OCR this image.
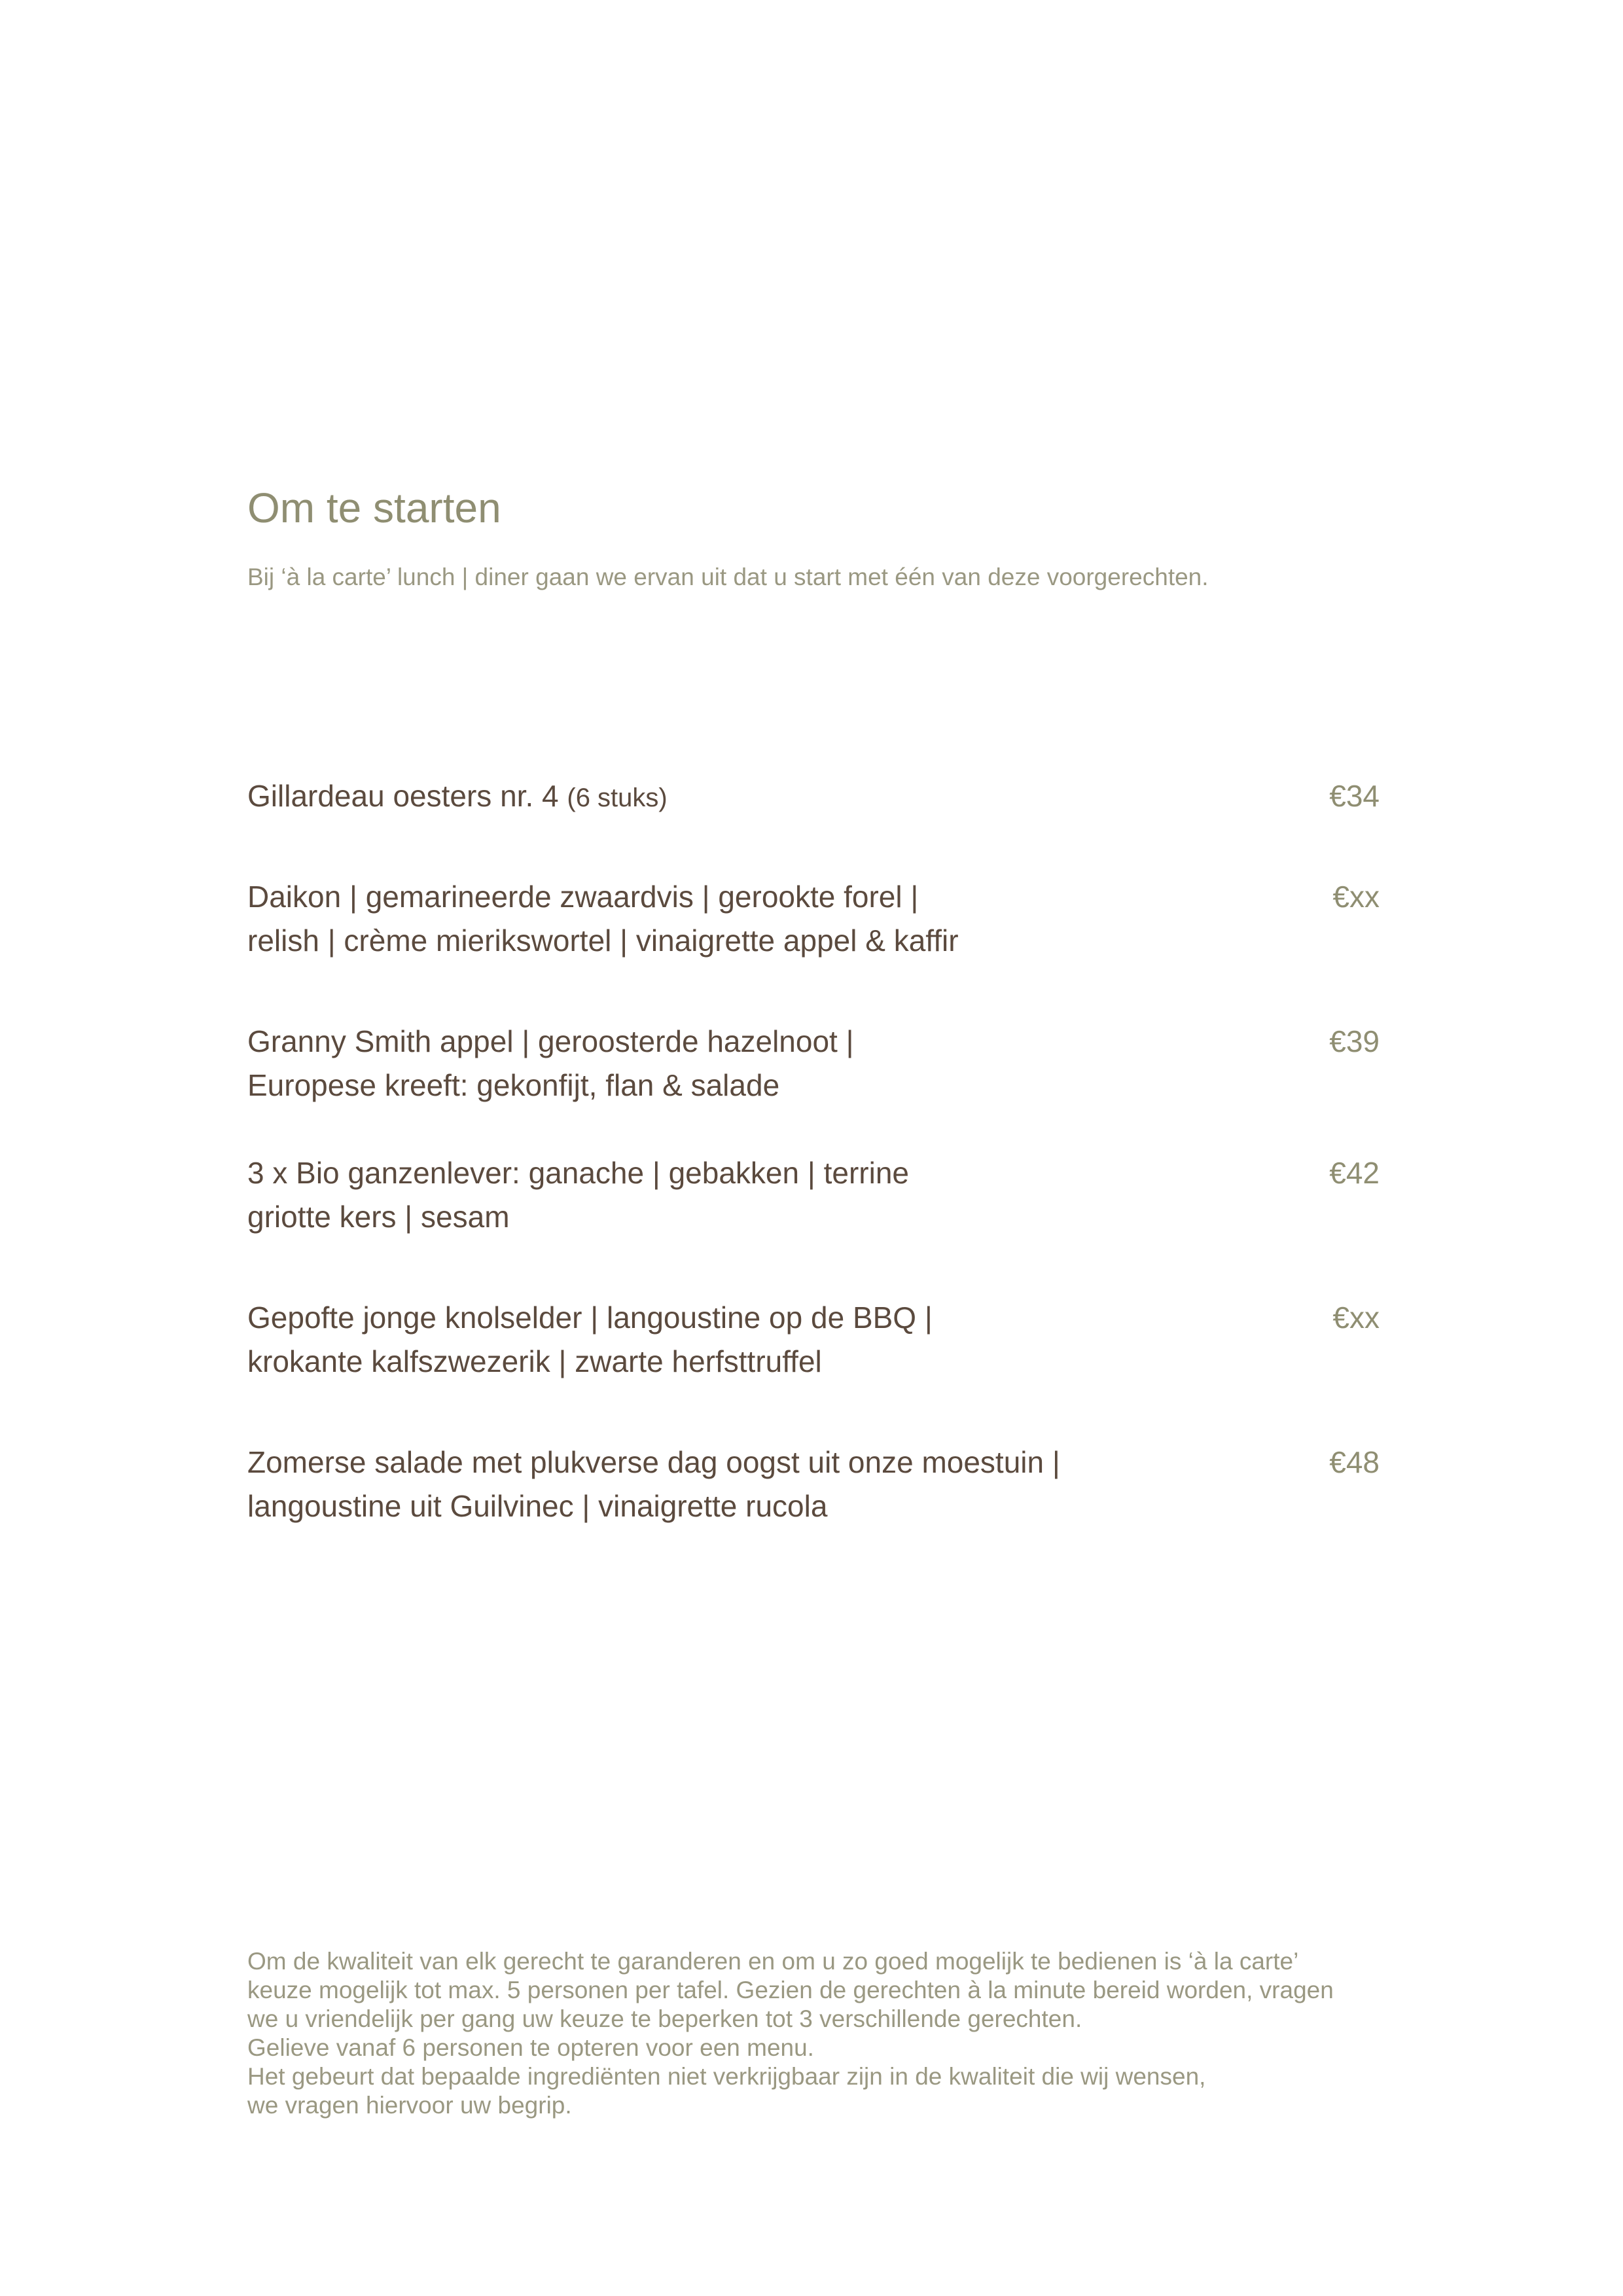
Om te starten

Bij ‘à la carte’ lunch | diner gaan we ervan uit dat u start met één van deze voorgerechten.

Gillardeau oesters nr. 4 (6 stuks)	€34
Daikon | gemarineerde zwaardvis | gerookte forel |
relish | crème mierikswortel | vinaigrette appel & kaffir
€xx
Granny Smith appel | geroosterde hazelnoot |
Europese kreeft: gekonfijt, flan & salade
€39
3 x Bio ganzenlever: ganache | gebakken | terrine
griotte kers | sesam
€42
Gepofte jonge knolselder | langoustine op de BBQ |
krokante kalfszwezerik | zwarte herfsttruffel
€xx
Zomerse salade met plukverse dag oogst uit onze moestuin |
langoustine uit Guilvinec | vinaigrette rucola
€48
Om de kwaliteit van elk gerecht te garanderen en om u zo goed mogelijk te bedienen is ‘à la carte’
keuze mogelijk tot max. 5 personen per tafel. Gezien de gerechten à la minute bereid worden, vragen
we u vriendelijk per gang uw keuze te beperken tot 3 verschillende gerechten.
Gelieve vanaf 6 personen te opteren voor een menu.
Het gebeurt dat bepaalde ingrediënten niet verkrijgbaar zijn in de kwaliteit die wij wensen,
we vragen hiervoor uw begrip.
